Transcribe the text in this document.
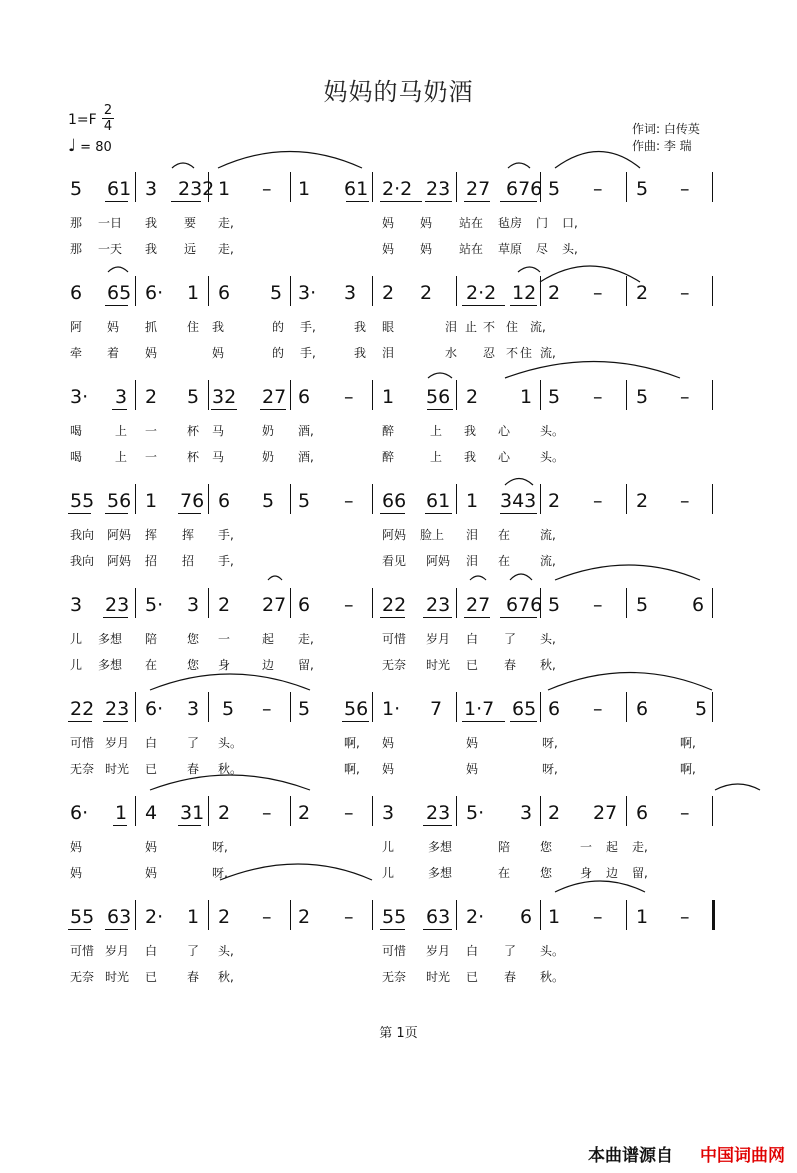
妈妈的马奶酒
1=F
2
4
♩ = 80
作词: 白传英
作曲: 李 瑞
5 61 3 232 1 – 1 61 2·2 23 27 676 5 – 5 –
那 一日 我 要 走,	妈 妈 站在 毡房 门 口,
那 一天 我 远 走,	妈 妈 站在 草原 尽 头,
6 65 6· 1 6 5 3· 3 2 2 2·2 12 2 – 2 –
阿 妈 抓 住 我	的 手,	我 眼	泪 止 不 住 流,
牵 着 妈	妈	的 手,	我 泪	水 忍 不 住 流,
3· 3 2 5 32 27 6 – 1 56 2 1 5 – 5 –
喝	上 一 杯 马	奶 酒,	醉	上 我 心 头。
喝	上 一 杯 马	奶 酒,	醉	上 我 心 头。
55 56 1 76 6 5 5 – 66 61 1 343 2 – 2 –
我向 阿妈 挥 挥 手,	阿妈 脸上 泪 在 流,
我向 阿妈 招 招 手,	看见 阿妈 泪 在 流,
3 23 5· 3 2 27 6 – 22 23 27 676 5 – 5 6
儿 多想 陪 您 一	起 走,	可惜 岁月 白 了 头,
儿 多想 在 您 身	边 留,	无奈 时光 已 春 秋,
22 23 6· 3 5 – 5 56 1· 7 1·7 65 6 – 6 5
可惜 岁月 白 了 头。	啊, 妈	妈	呀,	啊,
无奈 时光 已 春 秋。	啊, 妈	妈	呀,	啊,
6· 1 4 31 2 – 2 – 3 23 5· 3 2 27 6 –
妈	妈	呀,	儿	多想	陪 您 一 起 走,
妈	妈	呀,	儿	多想	在 您 身 边 留,
55 63 2· 1 2 – 2 – 55 63 2· 6 1 – 1 –
可惜 岁月 白 了 头,	可惜 岁月 白 了 头。
无奈 时光 已 春 秋,	无奈 时光 已 春 秋。
第 1页
本曲谱源自 中国词曲网
